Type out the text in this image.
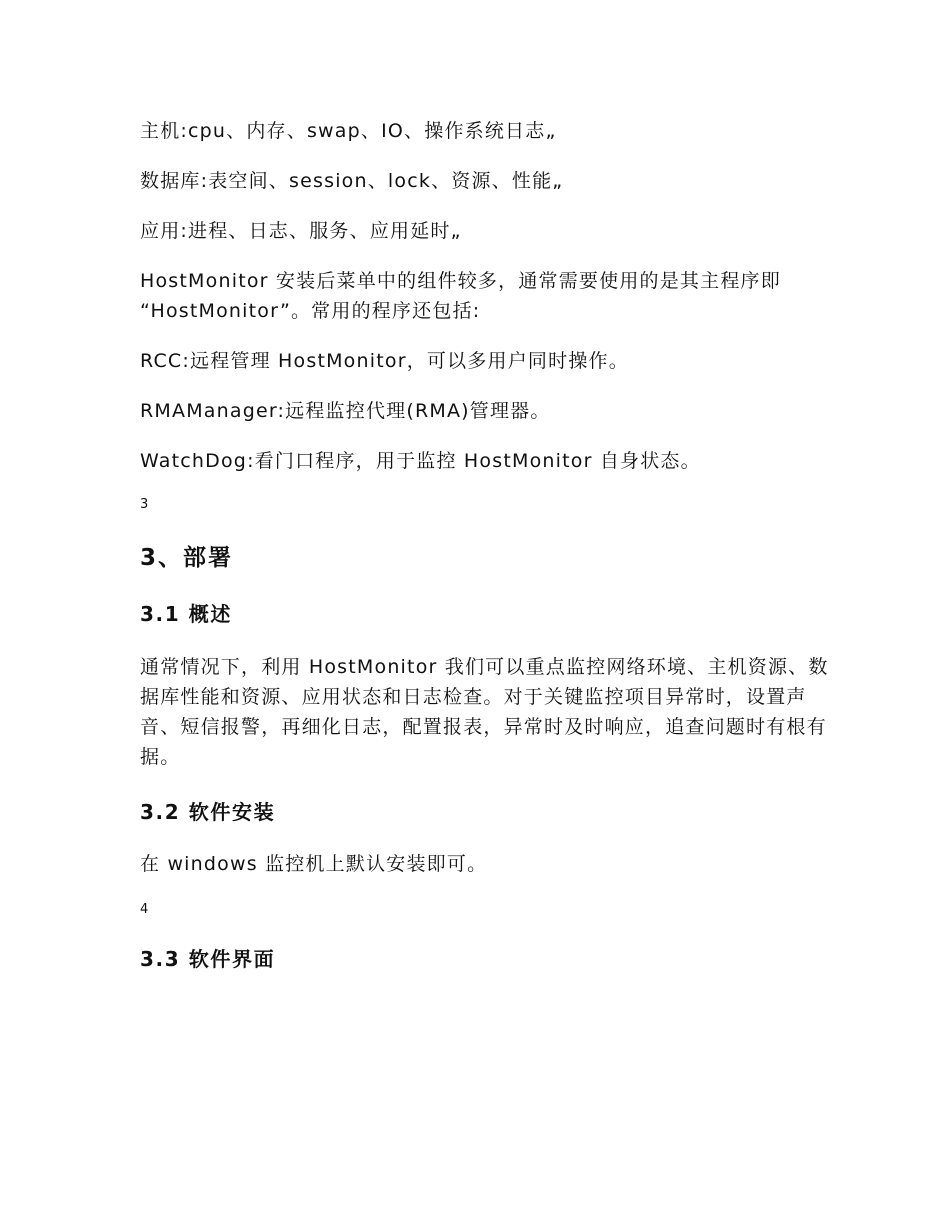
主机:cpu、内存、swap、IO、操作系统日志„

数据库:表空间、session、lock、资源、性能„

应用:进程、日志、服务、应用延时„

HostMonitor 安装后菜单中的组件较多，通常需要使用的是其主程序即

“HostMonitor”。常用的程序还包括:

RCC:远程管理 HostMonitor，可以多用户同时操作。

RMAManager:远程监控代理(RMA)管理器。

WatchDog:看门口程序，用于监控 HostMonitor 自身状态。

3

3、部署
3.1 概述

通常情况下，利用 HostMonitor 我们可以重点监控网络环境、主机资源、数据库性能和资源、应用状态和日志检查。对于关键监控项目异常时，设置声音、短信报警，再细化日志，配置报表，异常时及时响应，追查问题时有根有据。

3.2 软件安装

在 windows 监控机上默认安装即可。

4

3.3 软件界面
